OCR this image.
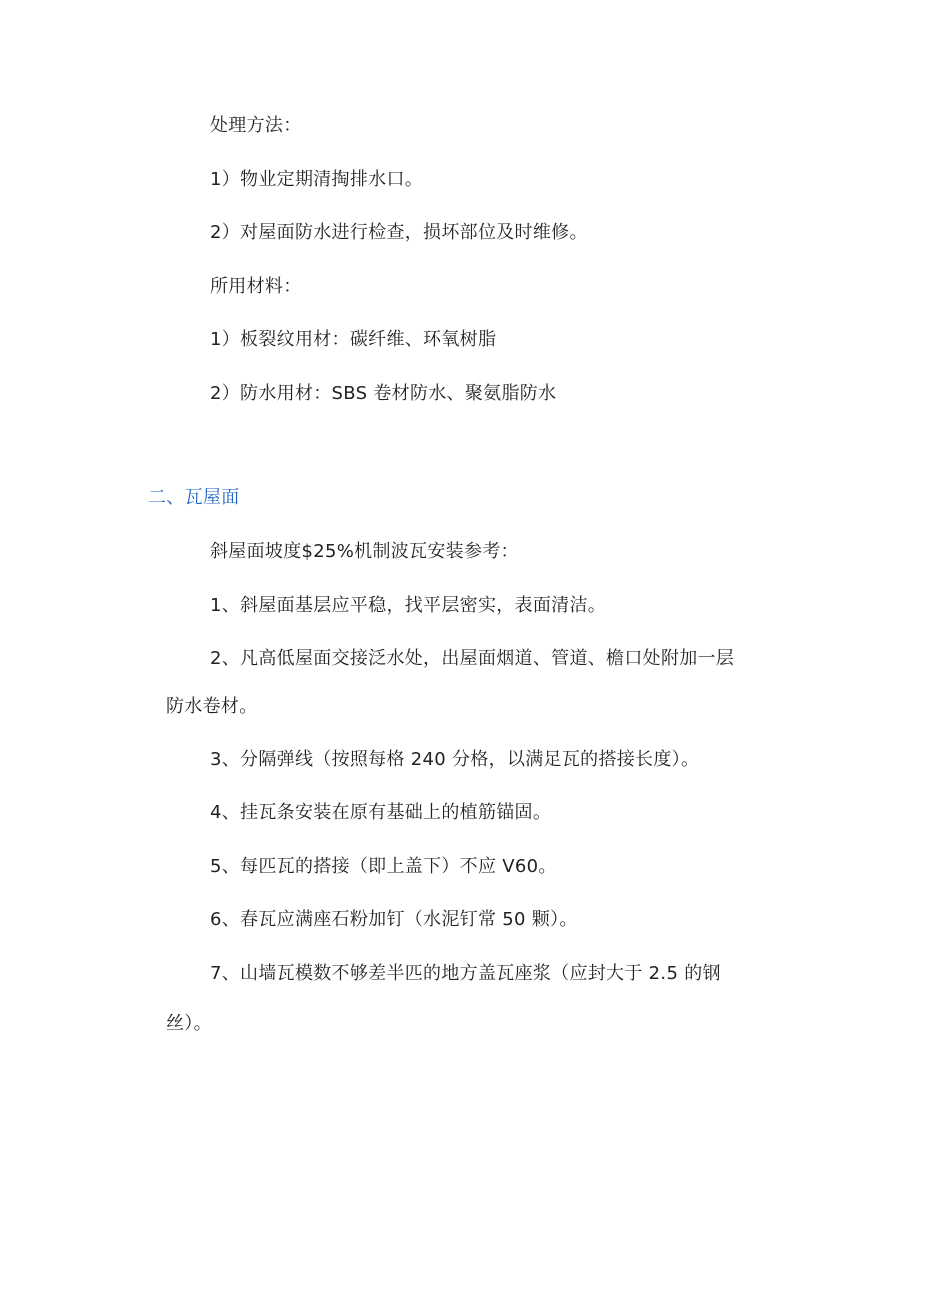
处理方法：
1）物业定期清掏排水口。
2）对屋面防水进行检查，损坏部位及时维修。
所用材料：
1）板裂纹用材：碳纤维、环氧树脂
2）防水用材：SBS 卷材防水、聚氨脂防水
二、瓦屋面
斜屋面坡度$25%机制波瓦安装参考：
1、斜屋面基层应平稳，找平层密实，表面清洁。
2、凡高低屋面交接泛水处，出屋面烟道、管道、檐口处附加一层
防水卷材。
3、分隔弹线（按照每格 240 分格，以满足瓦的搭接长度）。
4、挂瓦条安装在原有基础上的植筋锚固。
5、每匹瓦的搭接（即上盖下）不应 V60。
6、春瓦应满座石粉加钉（水泥钉常 50 颗）。
7、山墙瓦模数不够差半匹的地方盖瓦座浆（应封大于 2.5 的钢
丝）。
